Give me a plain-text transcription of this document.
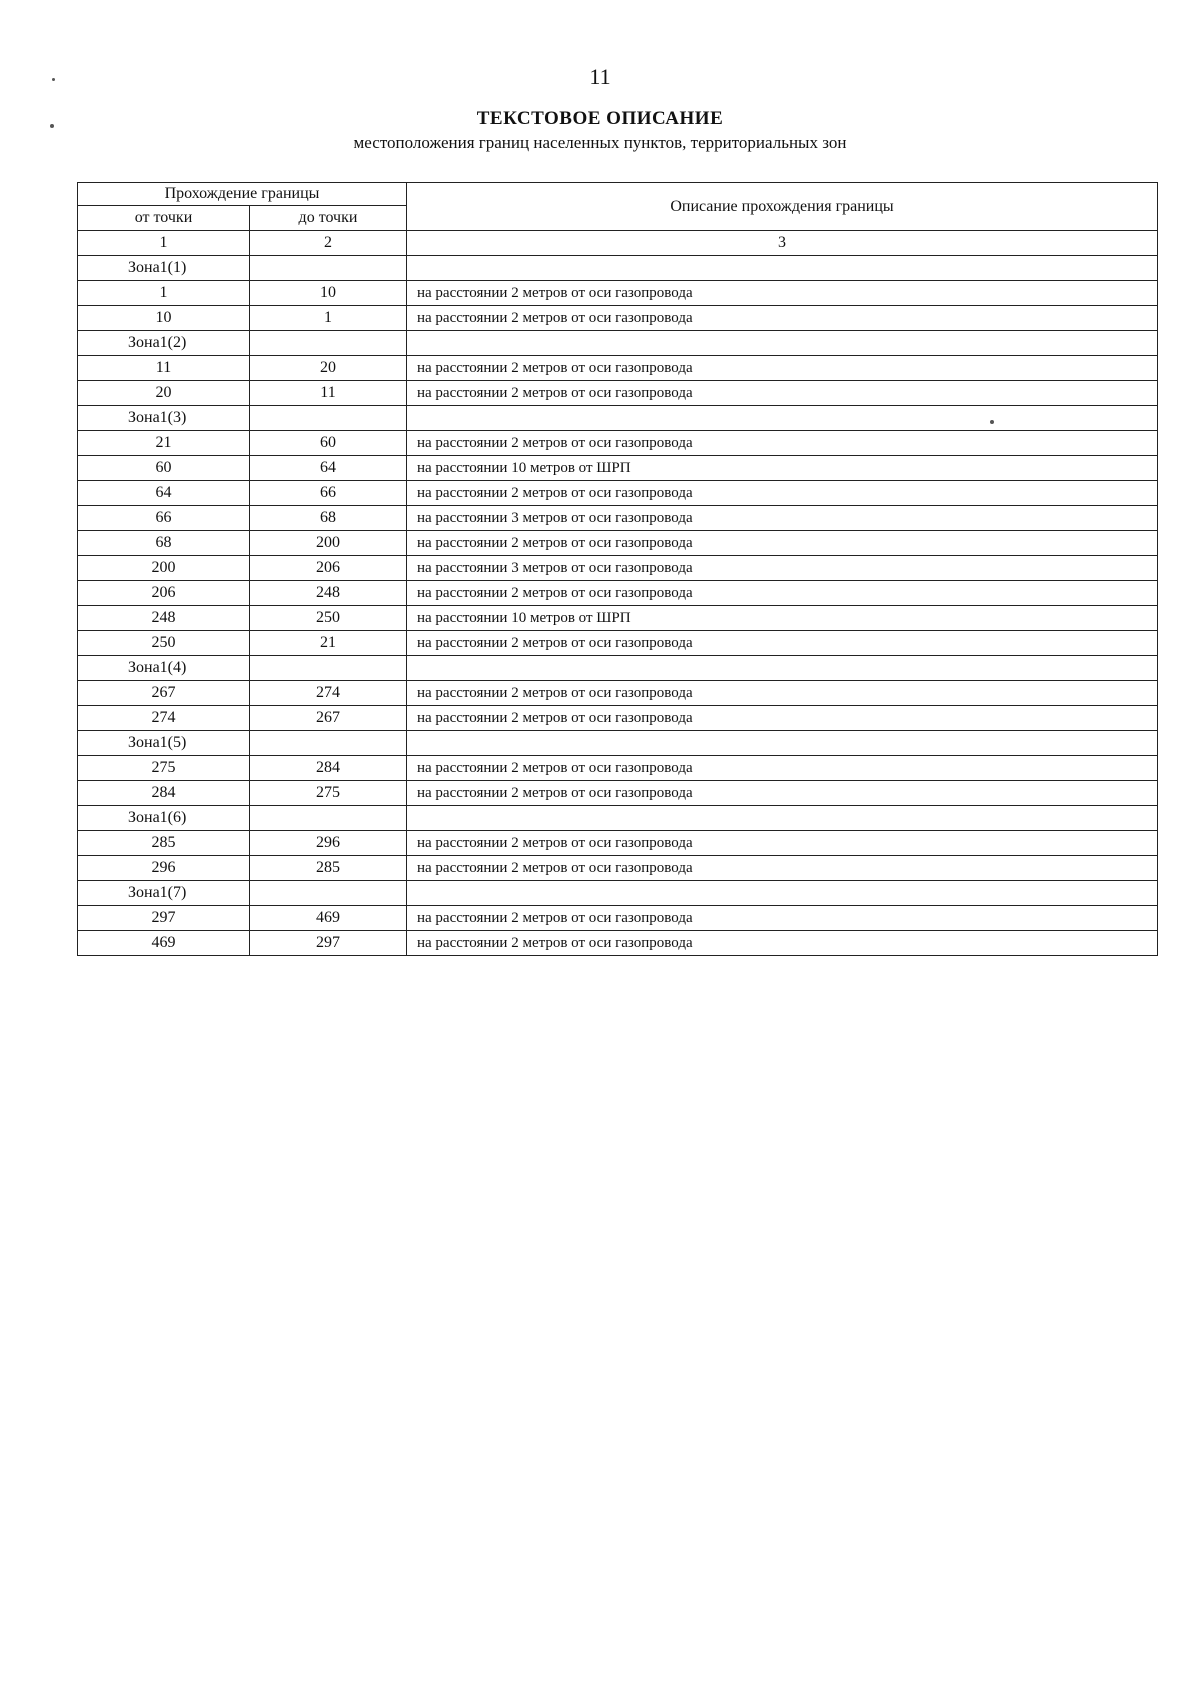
11
ТЕКСТОВОЕ ОПИСАНИЕ
местоположения границ населенных пунктов, территориальных зон
Прохождение границы		Описание прохождения границы
от точки	до точки	
1	2	3
Зона1(1)		
1	10	на расстоянии 2 метров от оси газопровода
10	1	на расстоянии 2 метров от оси газопровода
Зона1(2)		
11	20	на расстоянии 2 метров от оси газопровода
20	11	на расстоянии 2 метров от оси газопровода
Зона1(3)		
21	60	на расстоянии 2 метров от оси газопровода
60	64	на расстоянии 10 метров от ШРП
64	66	на расстоянии 2 метров от оси газопровода
66	68	на расстоянии 3 метров от оси газопровода
68	200	на расстоянии 2 метров от оси газопровода
200	206	на расстоянии 3 метров от оси газопровода
206	248	на расстоянии 2 метров от оси газопровода
248	250	на расстоянии 10 метров от ШРП
250	21	на расстоянии 2 метров от оси газопровода
Зона1(4)		
267	274	на расстоянии 2 метров от оси газопровода
274	267	на расстоянии 2 метров от оси газопровода
Зона1(5)		
275	284	на расстоянии 2 метров от оси газопровода
284	275	на расстоянии 2 метров от оси газопровода
Зона1(6)		
285	296	на расстоянии 2 метров от оси газопровода
296	285	на расстоянии 2 метров от оси газопровода
Зона1(7)		
297	469	на расстоянии 2 метров от оси газопровода
469	297	на расстоянии 2 метров от оси газопровода
